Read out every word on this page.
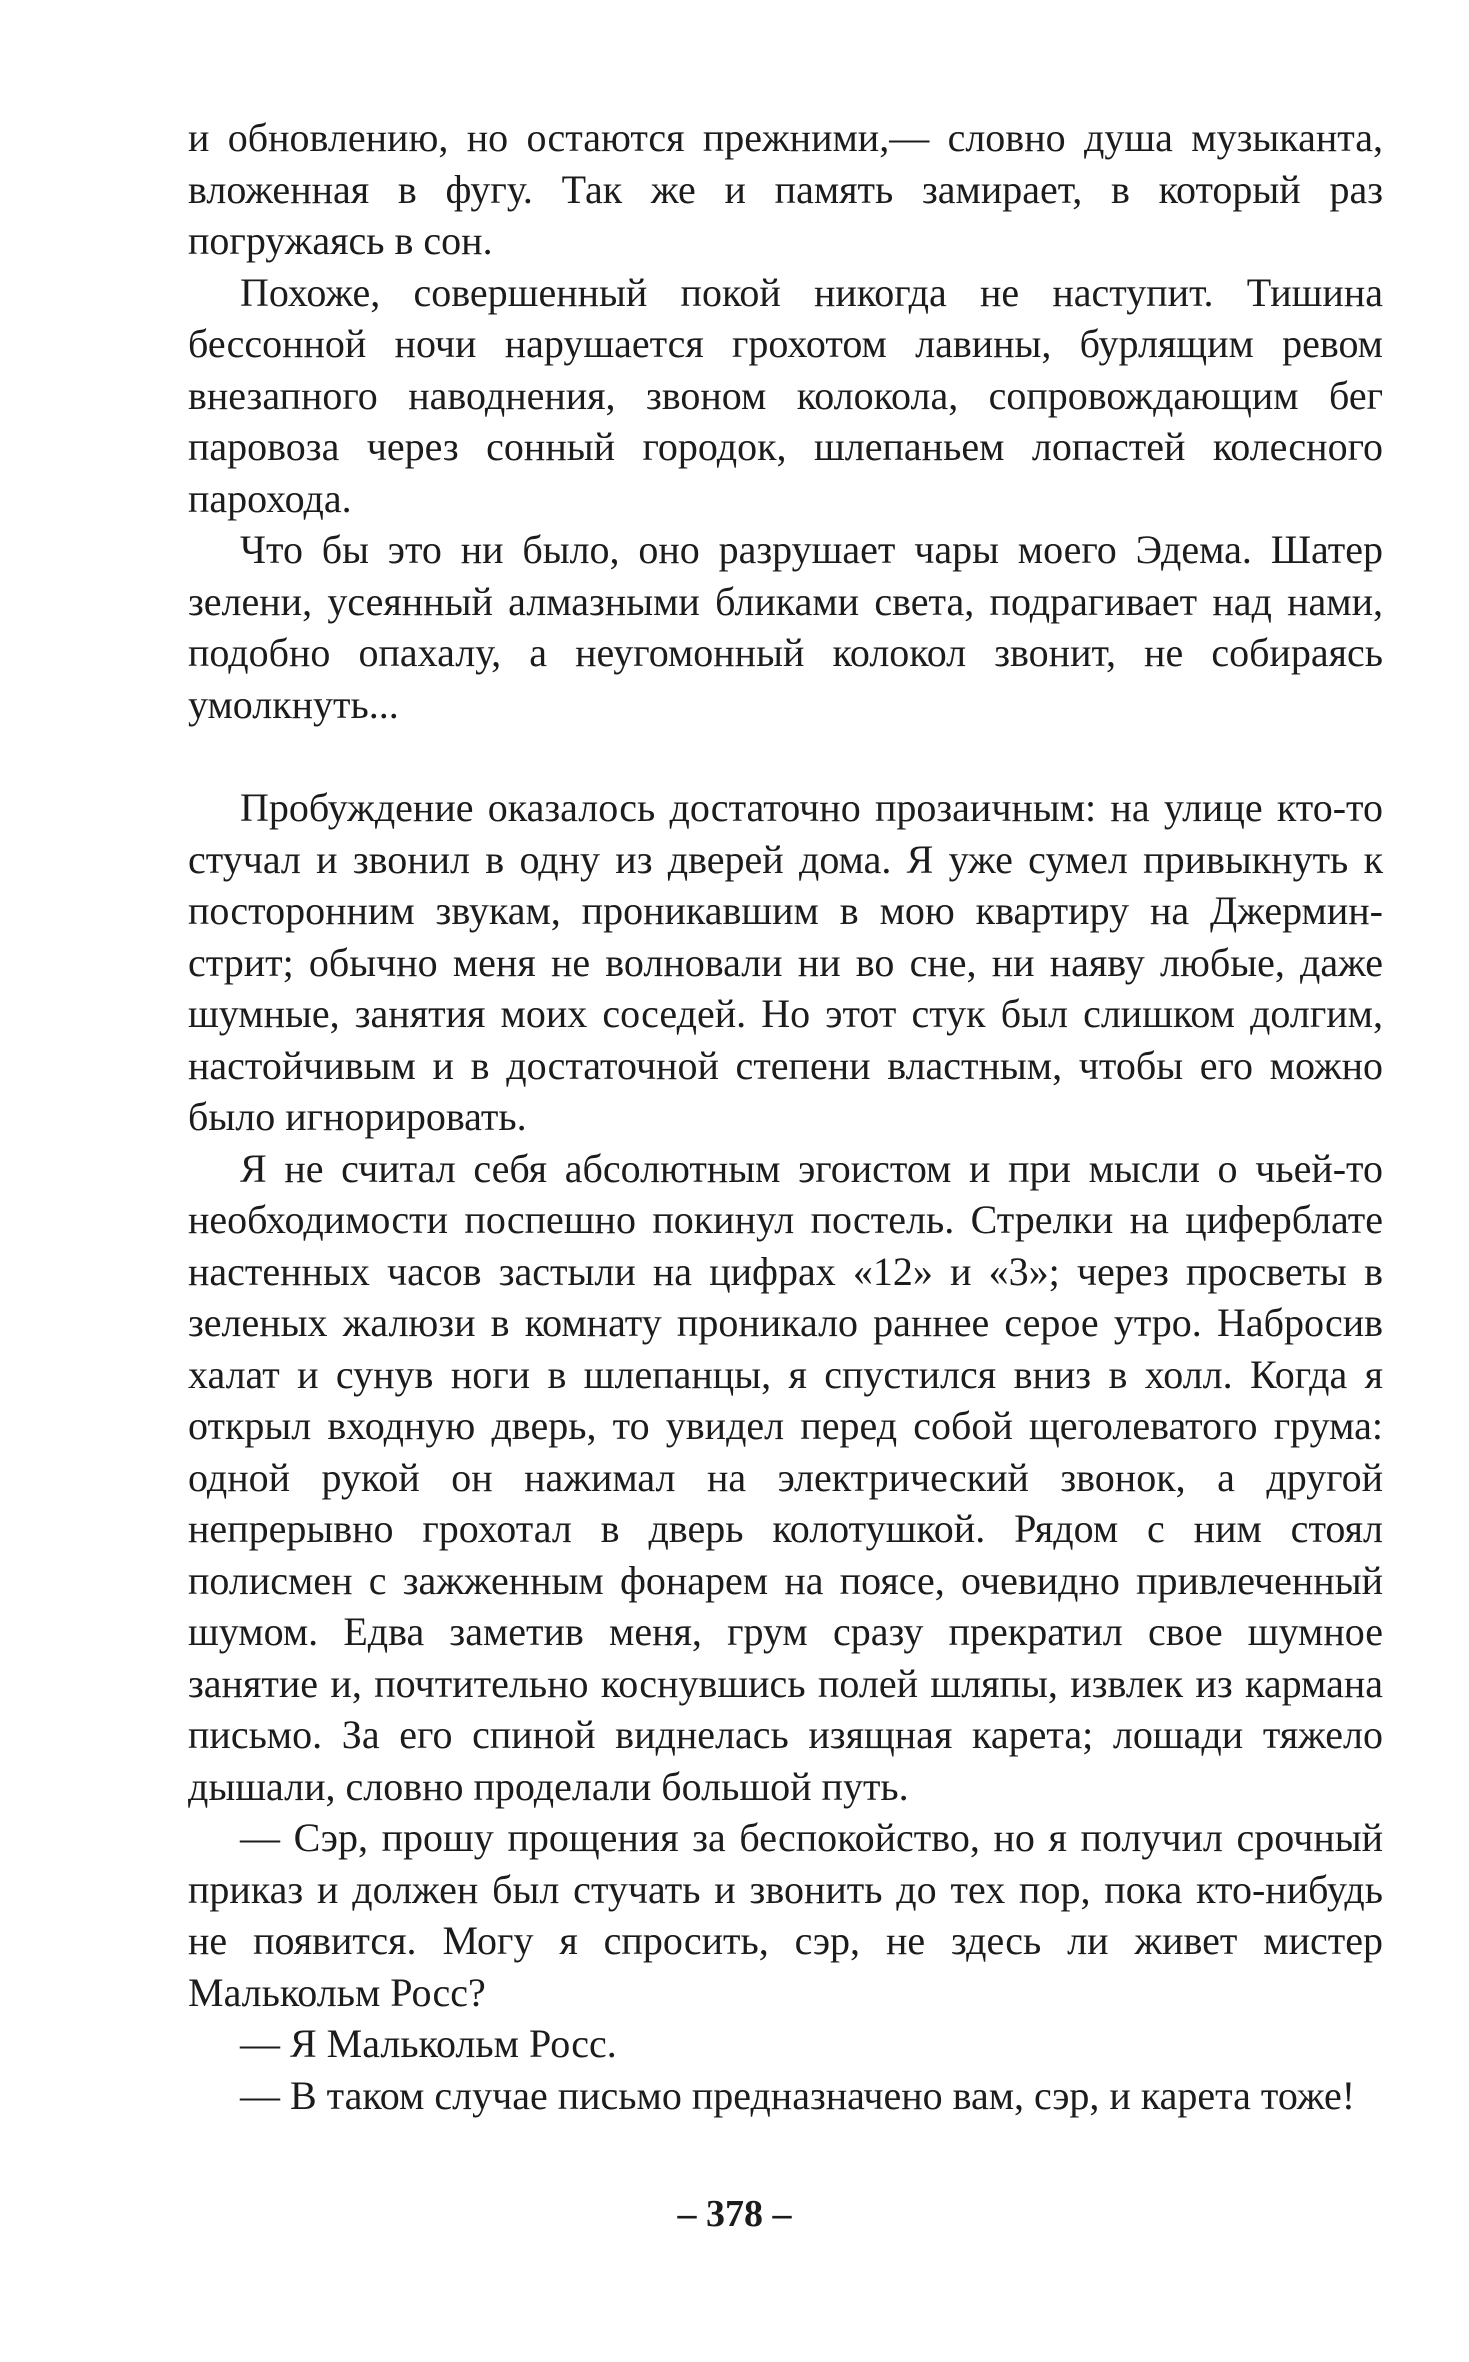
и обновлению, но остаются прежними,— словно душа музыканта, вложенная в фугу. Так же и память замирает, в который раз погружаясь в сон.

Похоже, совершенный покой никогда не наступит. Тишина бессонной ночи нарушается грохотом лавины, бурлящим ревом внезапного наводнения, звоном колокола, сопровождающим бег паровоза через сонный городок, шлепаньем лопастей колесного парохода.

Что бы это ни было, оно разрушает чары моего Эдема. Шатер зелени, усеянный алмазными бликами света, подрагивает над нами, подобно опахалу, а неугомонный колокол звонит, не собираясь умолкнуть...

Пробуждение оказалось достаточно прозаичным: на улице кто-то стучал и звонил в одну из дверей дома. Я уже сумел привыкнуть к посторонним звукам, проникавшим в мою квартиру на Джермин-стрит; обычно меня не волновали ни во сне, ни наяву любые, даже шумные, занятия моих соседей. Но этот стук был слишком долгим, настойчивым и в достаточной степени властным, чтобы его можно было игнорировать.

Я не считал себя абсолютным эгоистом и при мысли о чьей-то необходимости поспешно покинул постель. Стрелки на циферблате настенных часов застыли на цифрах «12» и «3»; через просветы в зеленых жалюзи в комнату проникало раннее серое утро. Набросив халат и сунув ноги в шлепанцы, я спустился вниз в холл. Когда я открыл входную дверь, то увидел перед собой щеголеватого грума: одной рукой он нажимал на электрический звонок, а другой непрерывно грохотал в дверь колотушкой. Рядом с ним стоял полисмен с зажженным фонарем на поясе, очевидно привлеченный шумом. Едва заметив меня, грум сразу прекратил свое шумное занятие и, почтительно коснувшись полей шляпы, извлек из кармана письмо. За его спиной виднелась изящная карета; лошади тяжело дышали, словно проделали большой путь.

— Сэр, прошу прощения за беспокойство, но я получил срочный приказ и должен был стучать и звонить до тех пор, пока кто-нибудь не появится. Могу я спросить, сэр, не здесь ли живет мистер Малькольм Росс?

— Я Малькольм Росс.

— В таком случае письмо предназначено вам, сэр, и карета тоже!

– 378 –
